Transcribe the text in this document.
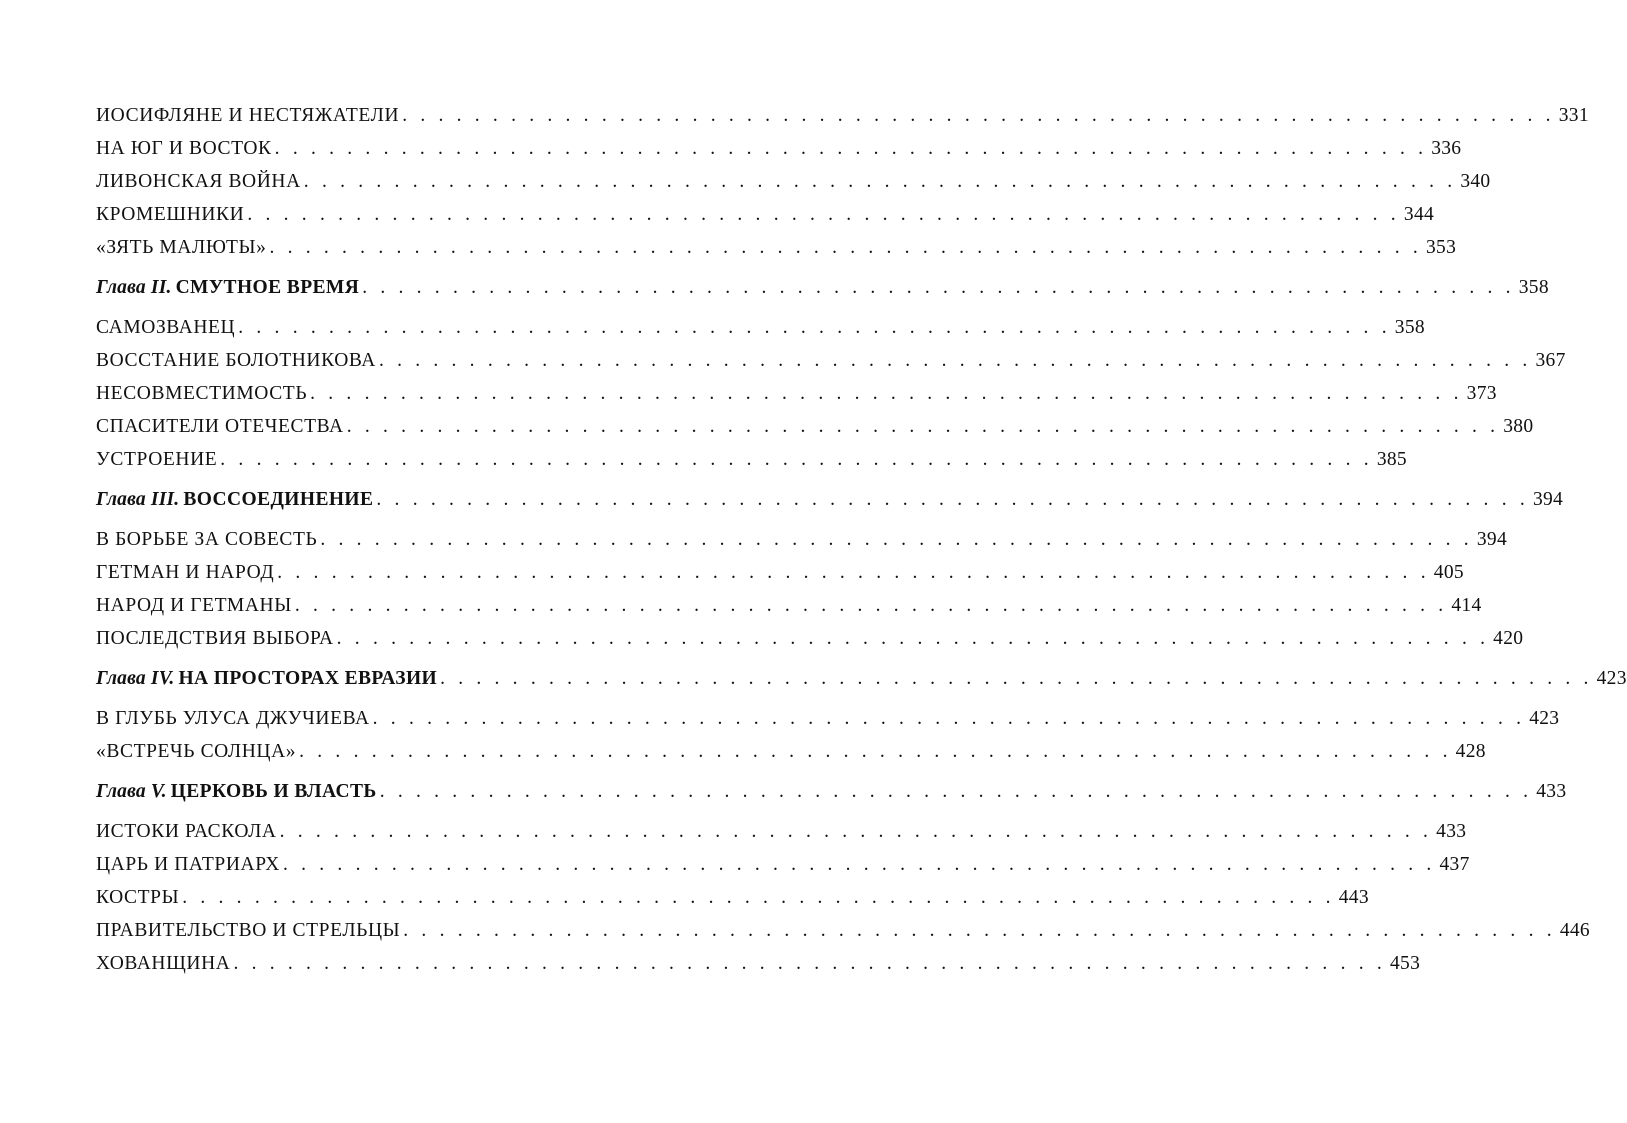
ИОСИФЛЯНЕ И НЕСТЯЖАТЕЛИ . . . . . . . . . . . . . . . . . . . . . . . . . . . . . . . . . . . . . . . . . . . . . . . . . . . . . . . . . . . . . . . . 331
НА ЮГ И ВОСТОК . . . . . . . . . . . . . . . . . . . . . . . . . . . . . . . . . . . . . . . . . . . . . . . . . . . . . . . . . . . . . . . . 336
ЛИВОНСКАЯ ВОЙНА . . . . . . . . . . . . . . . . . . . . . . . . . . . . . . . . . . . . . . . . . . . . . . . . . . . . . . . . . . . . . . . . 340
КРОМЕШНИКИ . . . . . . . . . . . . . . . . . . . . . . . . . . . . . . . . . . . . . . . . . . . . . . . . . . . . . . . . . . . . . . . . 344
«ЗЯТЬ МАЛЮТЫ» . . . . . . . . . . . . . . . . . . . . . . . . . . . . . . . . . . . . . . . . . . . . . . . . . . . . . . . . . . . . . . . . 353
Глава II. СМУТНОЕ ВРЕМЯ . . . . . . . . . . . . . . . . . . . . . . . . . . . . . . . . . . . . . . . . . . . . . . . . . . . . . . . . . . . . . . . . 358
САМОЗВАНЕЦ . . . . . . . . . . . . . . . . . . . . . . . . . . . . . . . . . . . . . . . . . . . . . . . . . . . . . . . . . . . . . . . . 358
ВОССТАНИЕ БОЛОТНИКОВА . . . . . . . . . . . . . . . . . . . . . . . . . . . . . . . . . . . . . . . . . . . . . . . . . . . . . . . . . . . . . . . . 367
НЕСОВМЕСТИМОСТЬ . . . . . . . . . . . . . . . . . . . . . . . . . . . . . . . . . . . . . . . . . . . . . . . . . . . . . . . . . . . . . . . . 373
СПАСИТЕЛИ ОТЕЧЕСТВА . . . . . . . . . . . . . . . . . . . . . . . . . . . . . . . . . . . . . . . . . . . . . . . . . . . . . . . . . . . . . . . . 380
УСТРОЕНИЕ . . . . . . . . . . . . . . . . . . . . . . . . . . . . . . . . . . . . . . . . . . . . . . . . . . . . . . . . . . . . . . . . 385
Глава III. ВОССОЕДИНЕНИЕ . . . . . . . . . . . . . . . . . . . . . . . . . . . . . . . . . . . . . . . . . . . . . . . . . . . . . . . . . . . . . . . . 394
В БОРЬБЕ ЗА СОВЕСТЬ . . . . . . . . . . . . . . . . . . . . . . . . . . . . . . . . . . . . . . . . . . . . . . . . . . . . . . . . . . . . . . . . 394
ГЕТМАН И НАРОД . . . . . . . . . . . . . . . . . . . . . . . . . . . . . . . . . . . . . . . . . . . . . . . . . . . . . . . . . . . . . . . . 405
НАРОД И ГЕТМАНЫ . . . . . . . . . . . . . . . . . . . . . . . . . . . . . . . . . . . . . . . . . . . . . . . . . . . . . . . . . . . . . . . . 414
ПОСЛЕДСТВИЯ ВЫБОРА . . . . . . . . . . . . . . . . . . . . . . . . . . . . . . . . . . . . . . . . . . . . . . . . . . . . . . . . . . . . . . . . 420
Глава IV. НА ПРОСТОРАХ ЕВРАЗИИ . . . . . . . . . . . . . . . . . . . . . . . . . . . . . . . . . . . . . . . . . . . . . . . . . . . . . . . . . . . . . . . . 423
В ГЛУБЬ УЛУСА ДЖУЧИЕВА . . . . . . . . . . . . . . . . . . . . . . . . . . . . . . . . . . . . . . . . . . . . . . . . . . . . . . . . . . . . . . . . 423
«ВСТРЕЧЬ СОЛНЦА» . . . . . . . . . . . . . . . . . . . . . . . . . . . . . . . . . . . . . . . . . . . . . . . . . . . . . . . . . . . . . . . . 428
Глава V. ЦЕРКОВЬ И ВЛАСТЬ . . . . . . . . . . . . . . . . . . . . . . . . . . . . . . . . . . . . . . . . . . . . . . . . . . . . . . . . . . . . . . . . 433
ИСТОКИ РАСКОЛА . . . . . . . . . . . . . . . . . . . . . . . . . . . . . . . . . . . . . . . . . . . . . . . . . . . . . . . . . . . . . . . . 433
ЦАРЬ И ПАТРИАРХ . . . . . . . . . . . . . . . . . . . . . . . . . . . . . . . . . . . . . . . . . . . . . . . . . . . . . . . . . . . . . . . . 437
КОСТРЫ . . . . . . . . . . . . . . . . . . . . . . . . . . . . . . . . . . . . . . . . . . . . . . . . . . . . . . . . . . . . . . . . 443
ПРАВИТЕЛЬСТВО И СТРЕЛЬЦЫ . . . . . . . . . . . . . . . . . . . . . . . . . . . . . . . . . . . . . . . . . . . . . . . . . . . . . . . . . . . . . . . . 446
ХОВАНЩИНА . . . . . . . . . . . . . . . . . . . . . . . . . . . . . . . . . . . . . . . . . . . . . . . . . . . . . . . . . . . . . . . . 453
